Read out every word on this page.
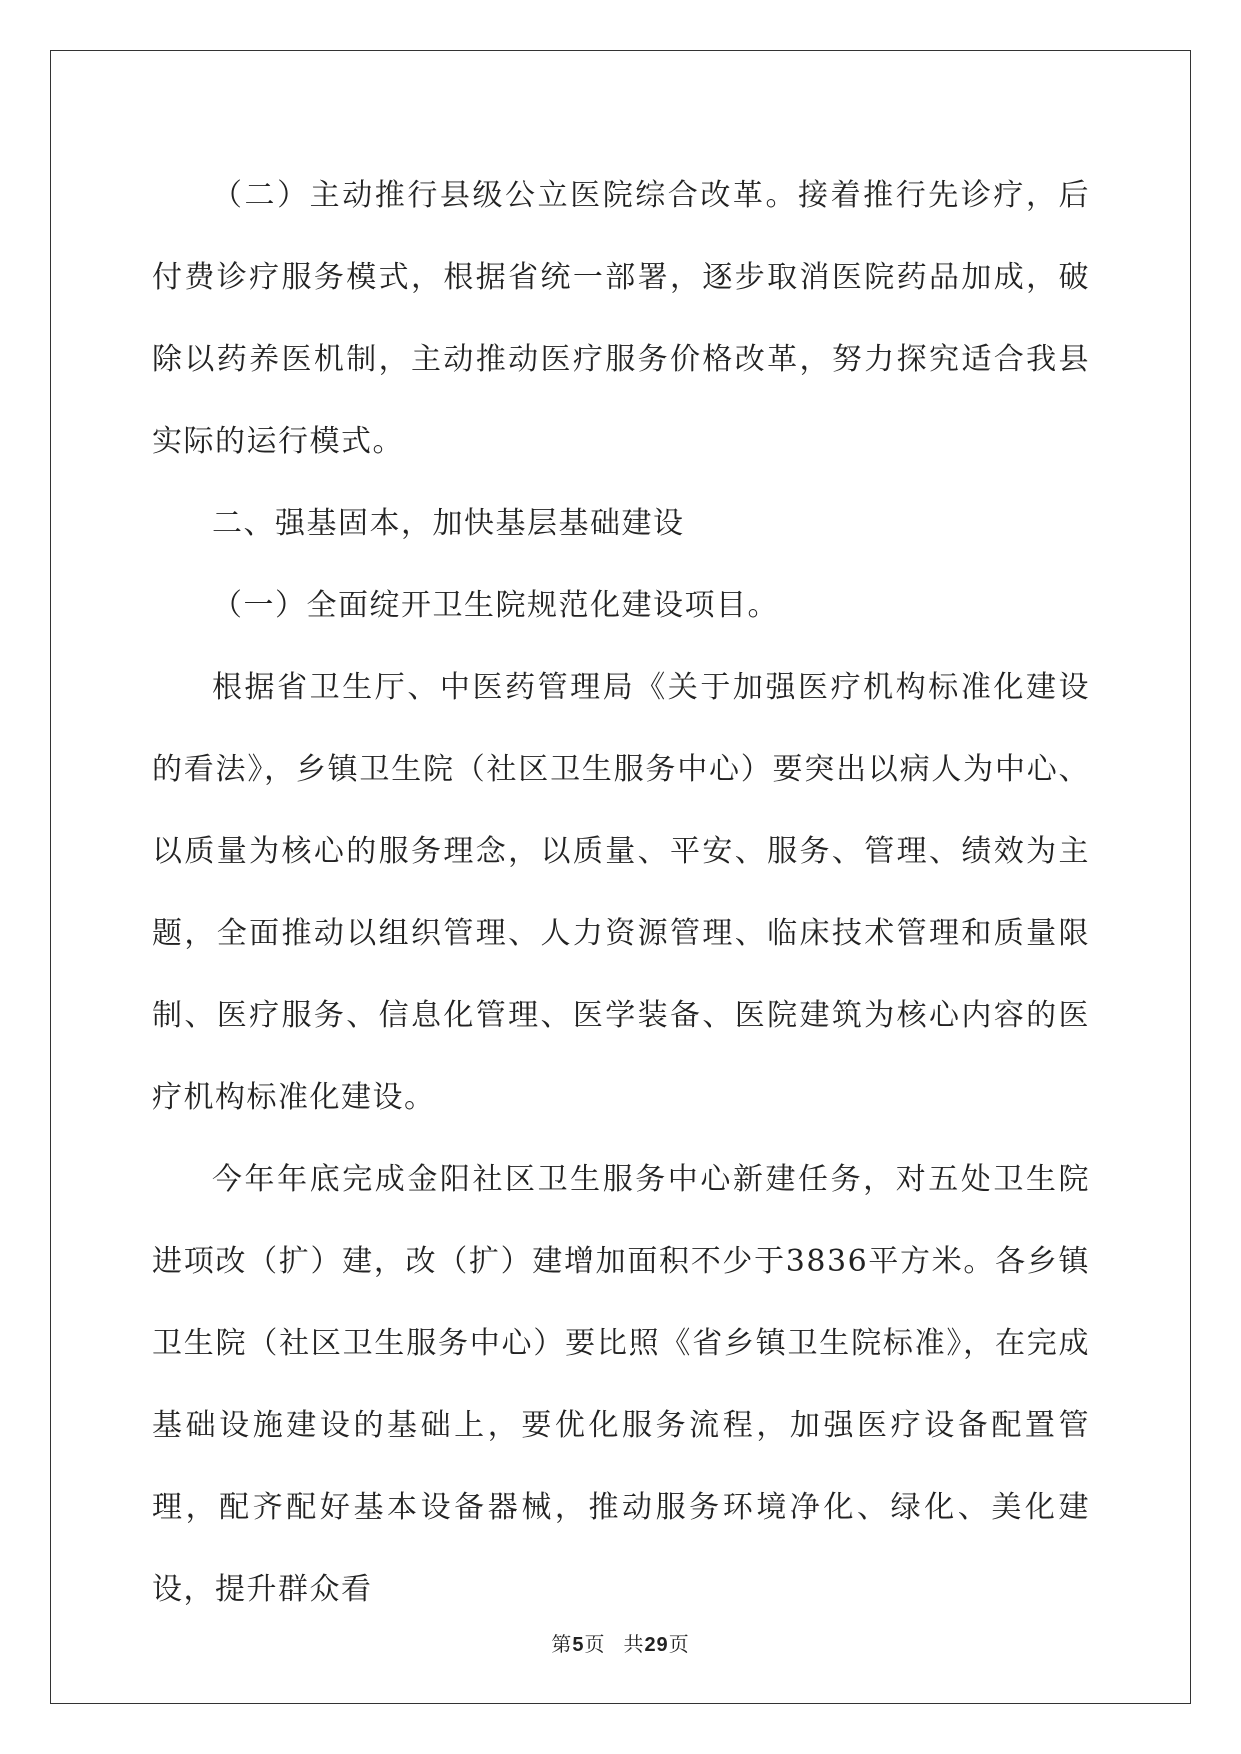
（二）主动推行县级公立医院综合改革。接着推行先诊疗，后付费诊疗服务模式，根据省统一部署，逐步取消医院药品加成，破除以药养医机制，主动推动医疗服务价格改革，努力探究适合我县实际的运行模式。

二、强基固本，加快基层基础建设

（一）全面绽开卫生院规范化建设项目。

根据省卫生厅、中医药管理局《关于加强医疗机构标准化建设的看法》，乡镇卫生院（社区卫生服务中心）要突出以病人为中心、以质量为核心的服务理念，以质量、平安、服务、管理、绩效为主题，全面推动以组织管理、人力资源管理、临床技术管理和质量限制、医疗服务、信息化管理、医学装备、医院建筑为核心内容的医疗机构标准化建设。

今年年底完成金阳社区卫生服务中心新建任务，对五处卫生院进项改（扩）建，改（扩）建增加面积不少于3836平方米。各乡镇卫生院（社区卫生服务中心）要比照《省乡镇卫生院标准》，在完成基础设施建设的基础上，要优化服务流程，加强医疗设备配置管理，配齐配好基本设备器械，推动服务环境净化、绿化、美化建设，提升群众看

第5页 共29页
